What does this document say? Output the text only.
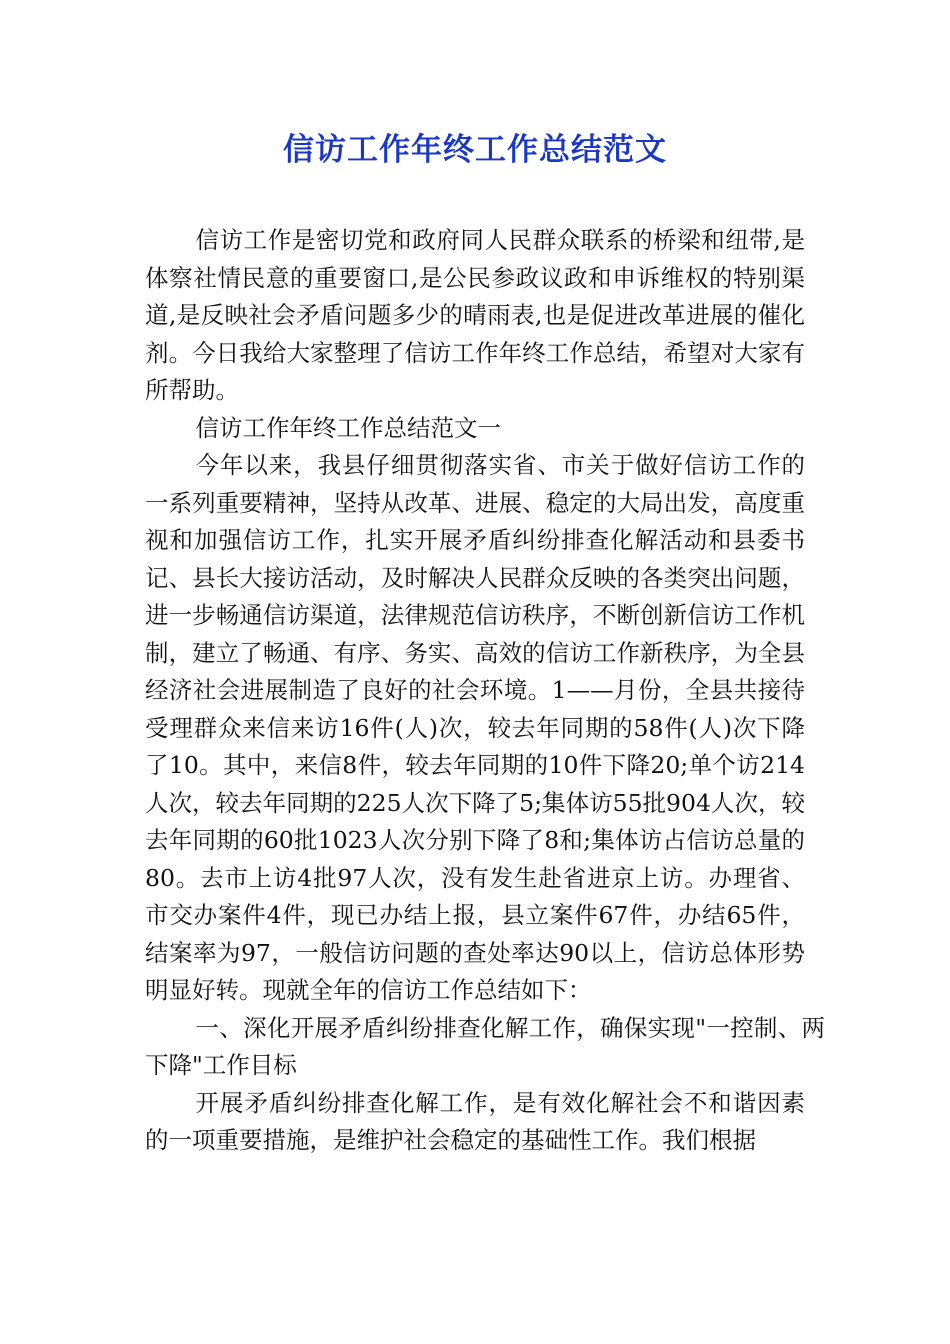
信访工作年终工作总结范文

信访工作是密切党和政府同人民群众联系的桥梁和纽带,是体察社情民意的重要窗口,是公民参政议政和申诉维权的特别渠道,是反映社会矛盾问题多少的晴雨表,也是促进改革进展的催化剂。今日我给大家整理了信访工作年终工作总结，希望对大家有所帮助。

信访工作年终工作总结范文一

今年以来，我县仔细贯彻落实省、市关于做好信访工作的一系列重要精神，坚持从改革、进展、稳定的大局出发，高度重视和加强信访工作，扎实开展矛盾纠纷排查化解活动和县委书记、县长大接访活动，及时解决人民群众反映的各类突出问题，进一步畅通信访渠道，法律规范信访秩序，不断创新信访工作机制，建立了畅通、有序、务实、高效的信访工作新秩序，为全县经济社会进展制造了良好的社会环境。1——月份，全县共接待受理群众来信来访16件(人)次，较去年同期的58件(人)次下降了10。其中，来信8件，较去年同期的10件下降20;单个访214人次，较去年同期的225人次下降了5;集体访55批904人次，较去年同期的60批1023人次分别下降了8和;集体访占信访总量的80。去市上访4批97人次，没有发生赴省进京上访。办理省、市交办案件4件，现已办结上报，县立案件67件，办结65件，结案率为97，一般信访问题的查处率达90以上，信访总体形势明显好转。现就全年的信访工作总结如下：

一、深化开展矛盾纠纷排查化解工作，确保实现"一控制、两下降"工作目标

开展矛盾纠纷排查化解工作，是有效化解社会不和谐因素的一项重要措施，是维护社会稳定的基础性工作。我们根据
